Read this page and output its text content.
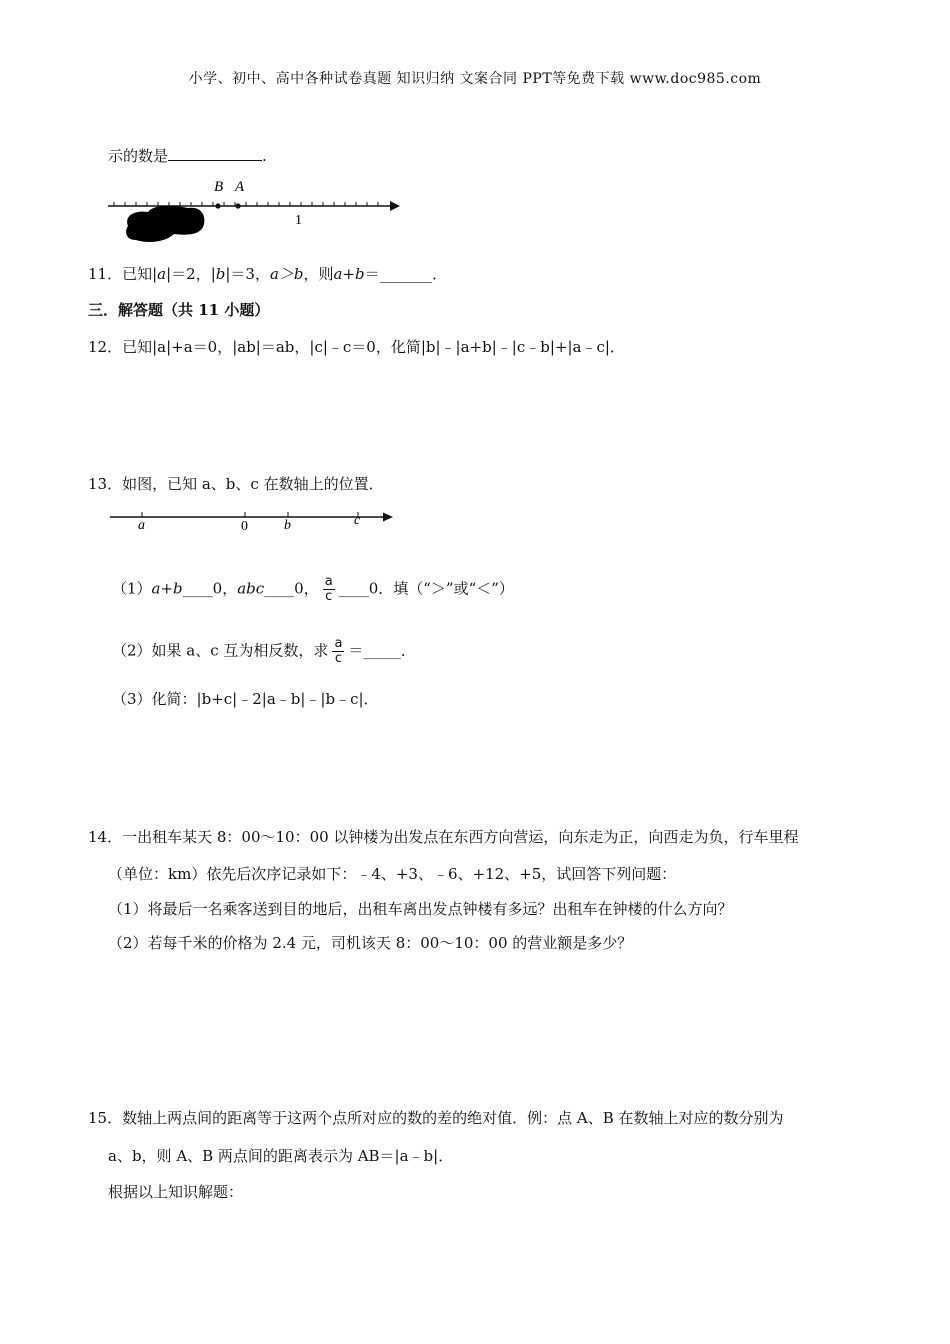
小学、初中、高中各种试卷真题 知识归纳 文案合同 PPT等免费下载 www.doc985.com
示的数是	.
B A
1
11．已知|a|＝2，|b|＝3，a＞b，则a+b＝_______．
三．解答题（共 11 小题）
12．已知|a|+a＝0，|ab|＝ab，|c|﹣c＝0，化简|b|﹣|a+b|﹣|c﹣b|+|a﹣c|．
13．如图，已知 a、b、c 在数轴上的位置．
a	0	b	c
（1）a+b____0，abc____0， $\frac{a}{c}$ ____0．填（“＞”或“＜”）
（2）如果 a、c 互为相反数，求 $\frac{a}{c}$ ＝_____．
（3）化简：|b+c|﹣2|a﹣b|﹣|b﹣c|．
14．一出租车某天 8：00～10：00 以钟楼为出发点在东西方向营运，向东走为正，向西走为负，行车里程
（单位：km）依先后次序记录如下：﹣4、+3、﹣6、+12、+5，试回答下列问题：
（1）将最后一名乘客送到目的地后，出租车离出发点钟楼有多远？出租车在钟楼的什么方向？
（2）若每千米的价格为 2.4 元，司机该天 8：00～10：00 的营业额是多少？
15．数轴上两点间的距离等于这两个点所对应的数的差的绝对值．例：点 A、B 在数轴上对应的数分别为
a、b，则 A、B 两点间的距离表示为 AB＝|a﹣b|．
根据以上知识解题：
